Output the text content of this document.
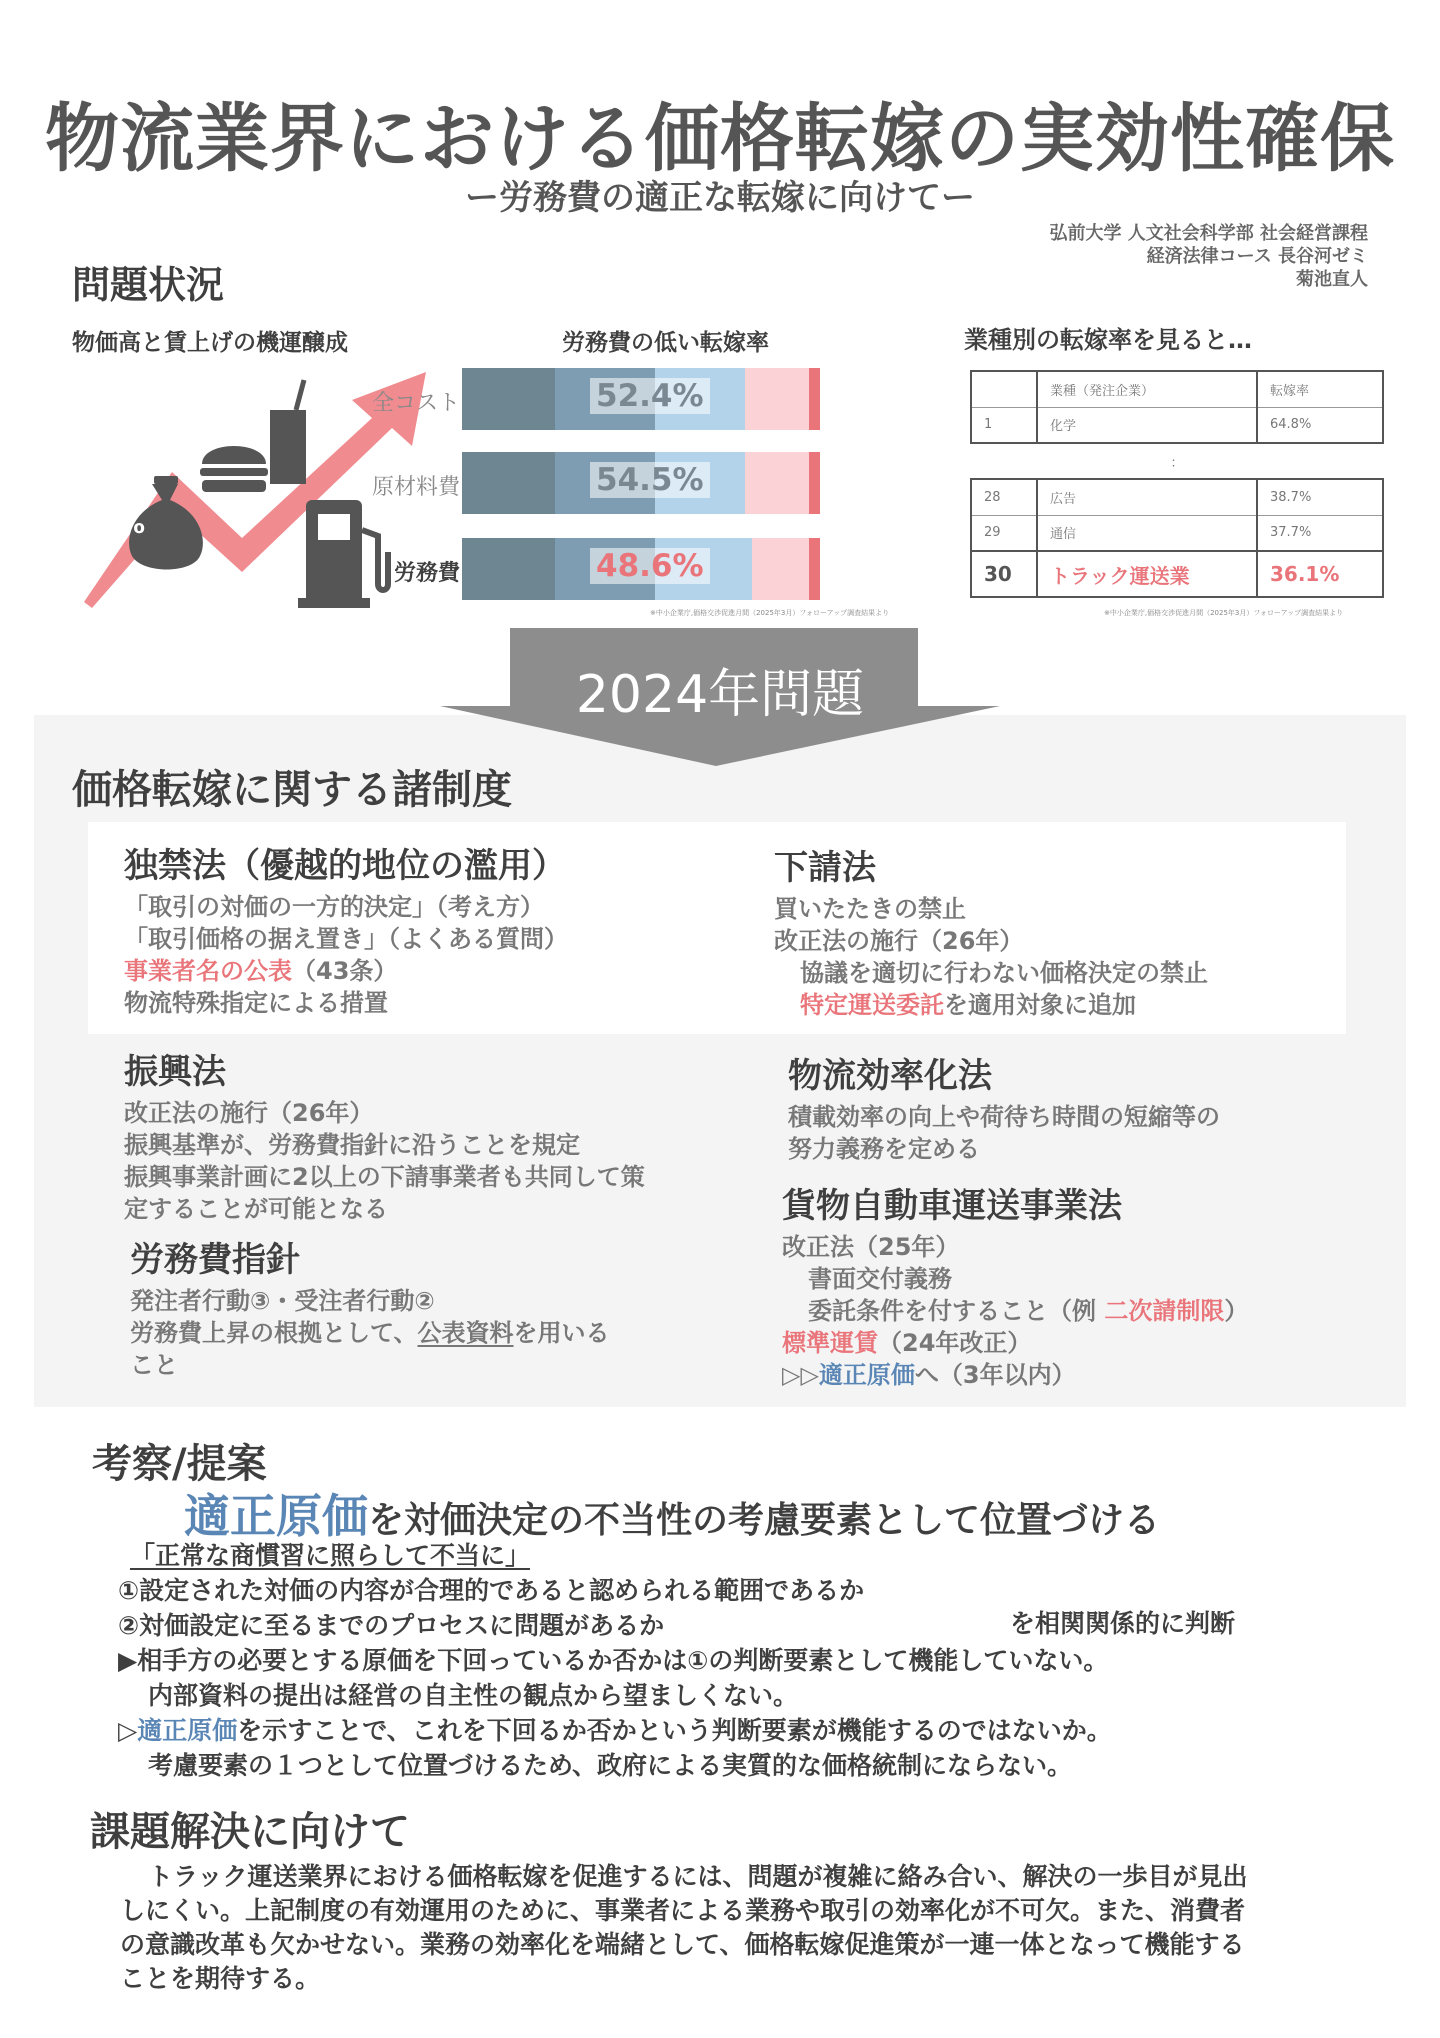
物流業界における価格転嫁の実効性確保
ー労務費の適正な転嫁に向けてー
弘前大学 人文社会科学部 社会経営課程
経済法律コース 長谷河ゼミ
菊池直人
問題状況
物価高と賃上げの機運醸成	労務費の低い転嫁率	業種別の転嫁率を見ると…
%
全コスト	52.4%
原材料費	54.5%
労務費	48.6%
※中小企業庁,価格交渉促進月間（2025年3月）フォローアップ調査結果より
	業種（発注企業）	転嫁率
1	化学	64.8%
：		
28	広告	38.7%
29	通信	37.7%
30	トラック運送業	36.1%
※中小企業庁,価格交渉促進月間（2025年3月）フォローアップ調査結果より
2024年問題
価格転嫁に関する諸制度
独禁法（優越的地位の濫用）
「取引の対価の一方的決定」（考え方）
「取引価格の据え置き」（よくある質問）
事業者名の公表（43条）
物流特殊指定による措置
下請法
買いたたきの禁止
改正法の施行（26年）
協議を適切に行わない価格決定の禁止
特定運送委託を適用対象に追加
振興法
改正法の施行（26年）
振興基準が、労務費指針に沿うことを規定
振興事業計画に2以上の下請事業者も共同して策
定することが可能となる
労務費指針
発注者行動③・受注者行動②
労務費上昇の根拠として、公表資料を用いる
こと
物流効率化法
積載効率の向上や荷待ち時間の短縮等の
努力義務を定める
貨物自動車運送事業法
改正法（25年）
書面交付義務
委託条件を付すること（例 二次請制限）
標準運賃（24年改正）
▷▷適正原価へ（3年以内）
考察/提案
適正原価を対価決定の不当性の考慮要素として位置づける
「正常な商慣習に照らして不当に」
①設定された対価の内容が合理的であると認められる範囲であるか
②対価設定に至るまでのプロセスに問題があるか
▶相手方の必要とする原価を下回っているか否かは①の判断要素として機能していない。
内部資料の提出は経営の自主性の観点から望ましくない。
▷適正原価を示すことで、これを下回るか否かという判断要素が機能するのではないか。
考慮要素の１つとして位置づけるため、政府による実質的な価格統制にならない。
を相関関係的に判断
課題解決に向けて
トラック運送業界における価格転嫁を促進するには、問題が複雑に絡み合い、解決の一歩目が見出
しにくい。上記制度の有効運用のために、事業者による業務や取引の効率化が不可欠。また、消費者
の意識改革も欠かせない。業務の効率化を端緒として、価格転嫁促進策が一連一体となって機能する
ことを期待する。
